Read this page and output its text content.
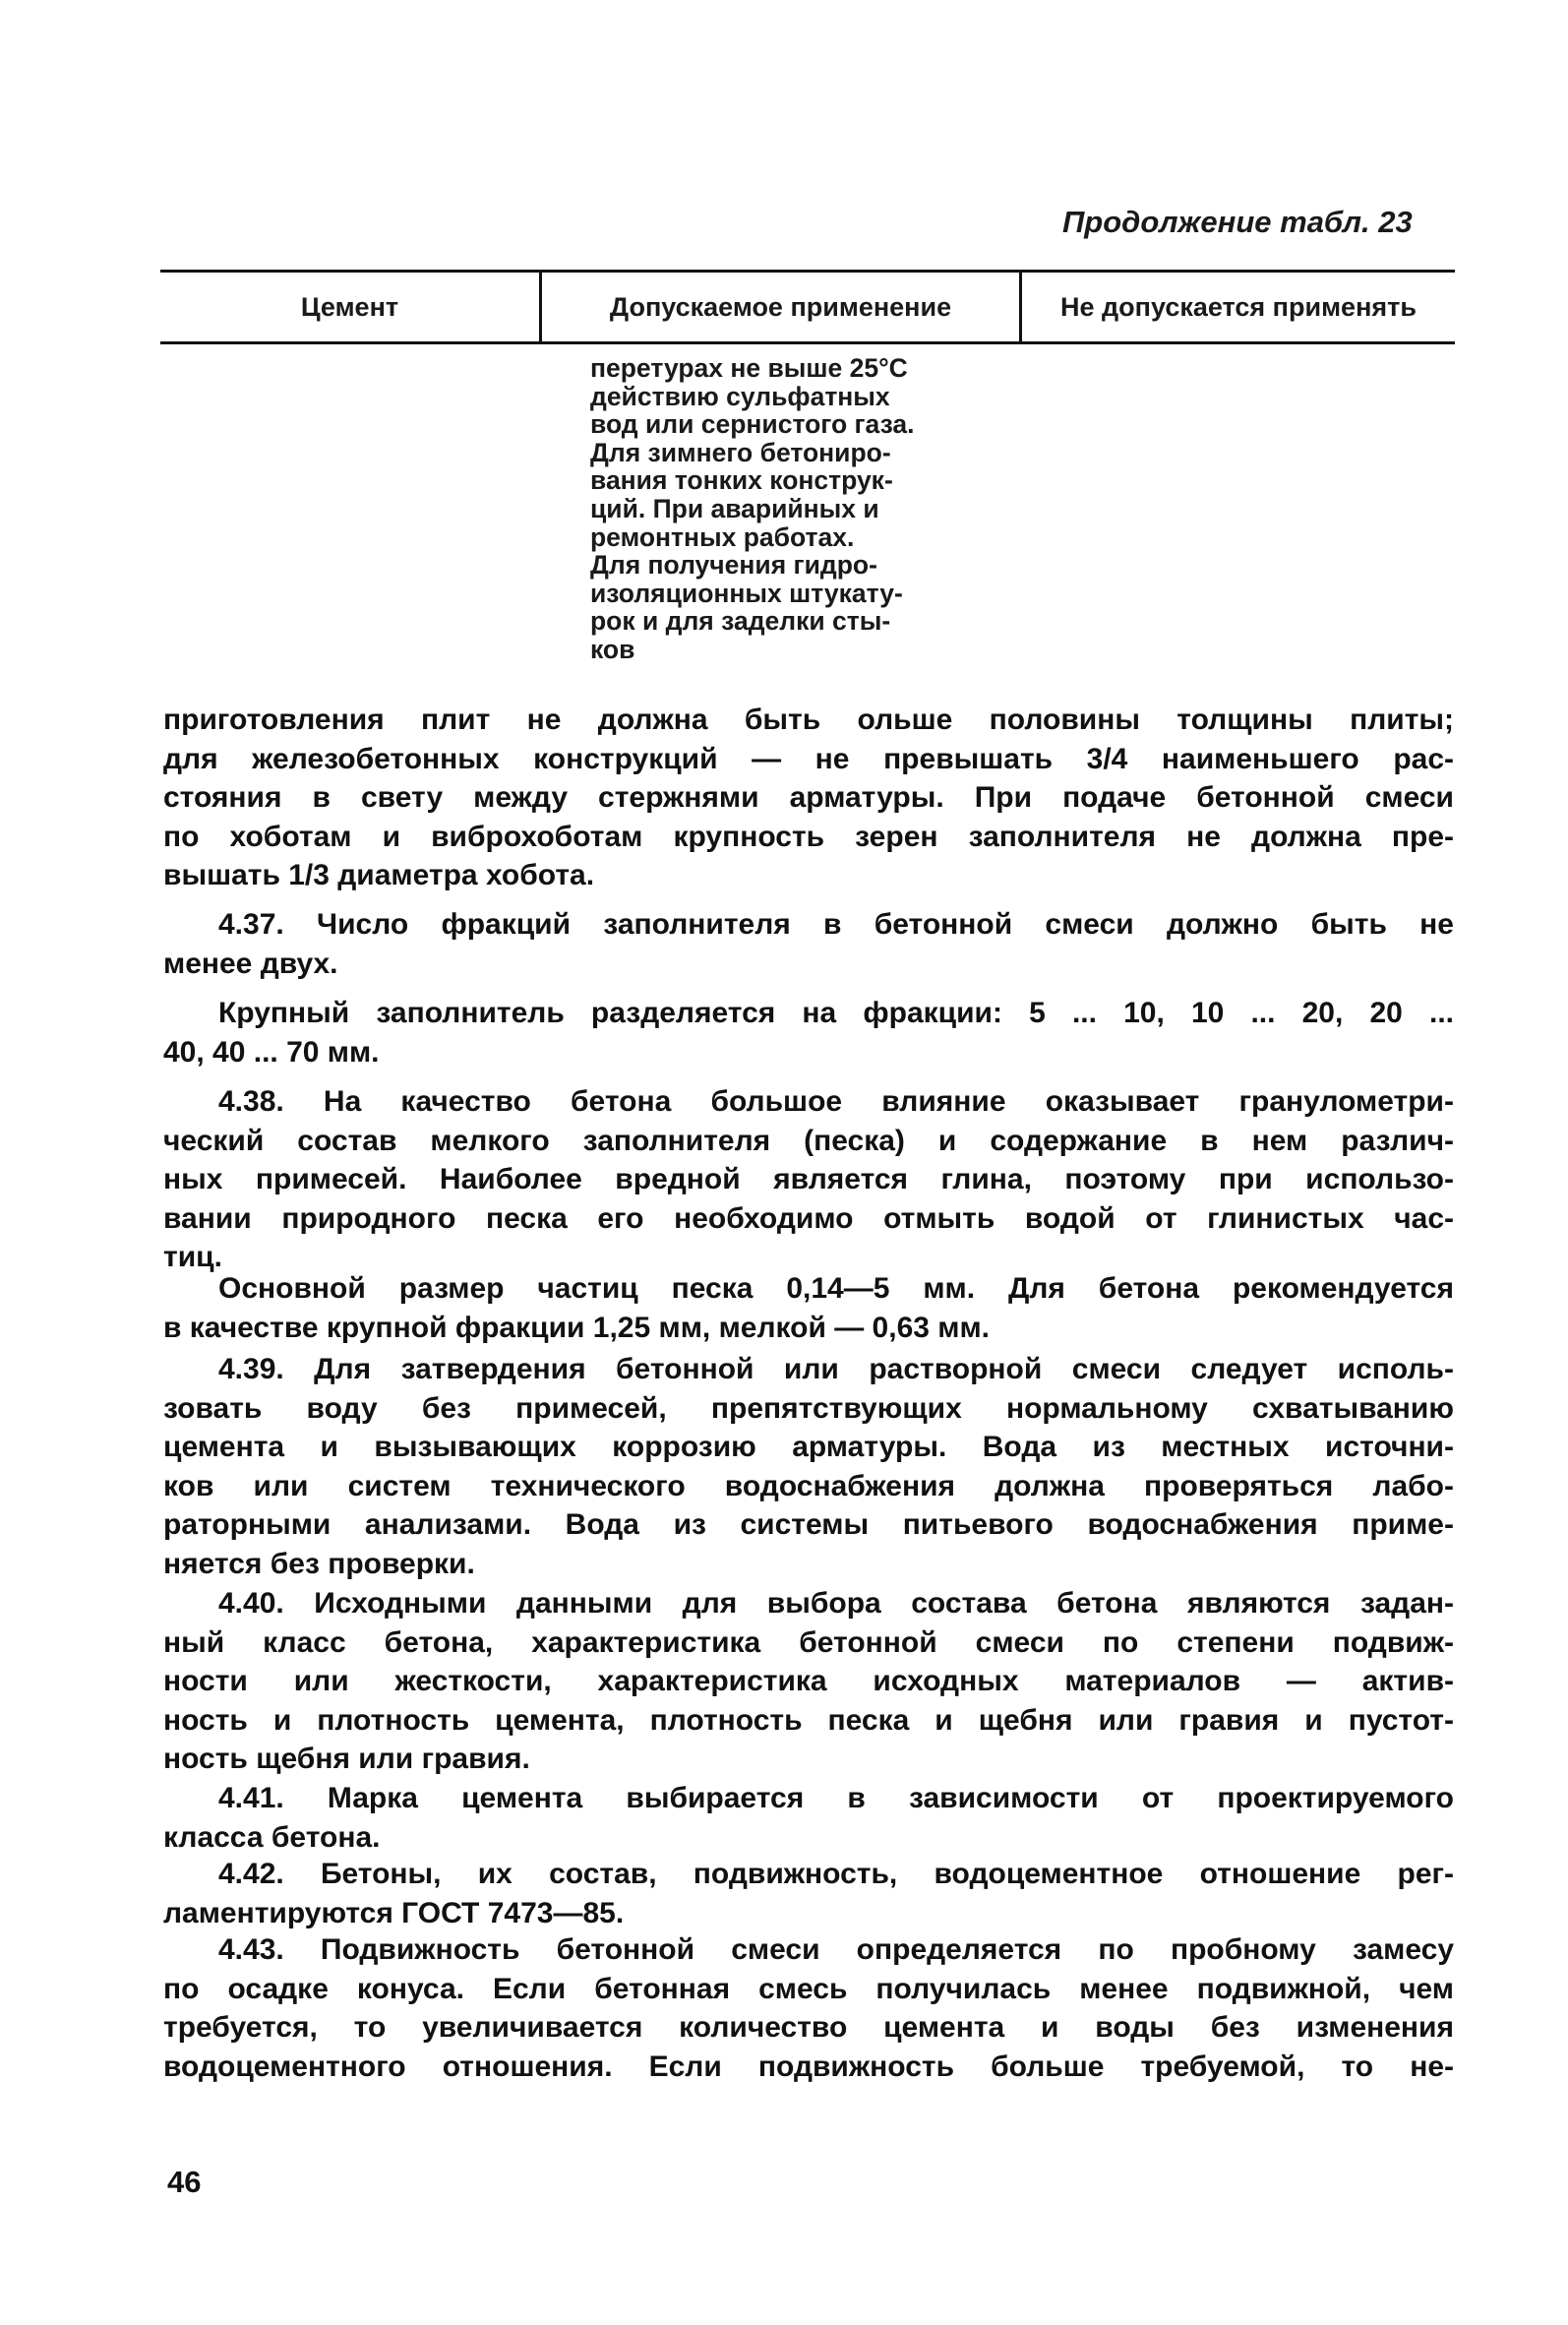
Продолжение табл. 23
Цемент	Допускаемое применение	Не допускается применять
перетурах не выше 25°С
действию сульфатных
вод или сернистого газа.
Для зимнего бетониро-
вания тонких конструк-
ций. При аварийных и
ремонтных работах.
Для получения гидро-
изоляционных штукату-
рок и для заделки сты-
ков
приготовления плит не должна быть ольше половины толщины плиты;
для железобетонных конструкций — не превышать 3/4 наименьшего рас-
стояния в свету между стержнями арматуры. При подаче бетонной смеси
по хоботам и виброхоботам крупность зерен заполнителя не должна пре-
вышать 1/3 диаметра хобота.
4.37. Число фракций заполнителя в бетонной смеси должно быть не
менее двух.
Крупный заполнитель разделяется на фракции: 5 ... 10, 10 ... 20, 20 ...
40, 40 ... 70 мм.
4.38. На качество бетона большое влияние оказывает гранулометри-
ческий состав мелкого заполнителя (песка) и содержание в нем различ-
ных примесей. Наиболее вредной является глина, поэтому при использо-
вании природного песка его необходимо отмыть водой от глинистых час-
тиц.
Основной размер частиц песка 0,14—5 мм. Для бетона рекомендуется
в качестве крупной фракции 1,25 мм, мелкой — 0,63 мм.
4.39. Для затвердения бетонной или растворной смеси следует исполь-
зовать воду без примесей, препятствующих нормальному схватыванию
цемента и вызывающих коррозию арматуры. Вода из местных источни-
ков или систем технического водоснабжения должна проверяться лабо-
раторными анализами. Вода из системы питьевого водоснабжения приме-
няется без проверки.
4.40. Исходными данными для выбора состава бетона являются задан-
ный класс бетона, характеристика бетонной смеси по степени подвиж-
ности или жесткости, характеристика исходных материалов — актив-
ность и плотность цемента, плотность песка и щебня или гравия и пустот-
ность щебня или гравия.
4.41. Марка цемента выбирается в зависимости от проектируемого
класса бетона.
4.42. Бетоны, их состав, подвижность, водоцементное отношение рег-
ламентируются ГОСТ 7473—85.
4.43. Подвижность бетонной смеси определяется по пробному замесу
по осадке конуса. Если бетонная смесь получилась менее подвижной, чем
требуется, то увеличивается количество цемента и воды без изменения
водоцементного отношения. Если подвижность больше требуемой, то не-
46
